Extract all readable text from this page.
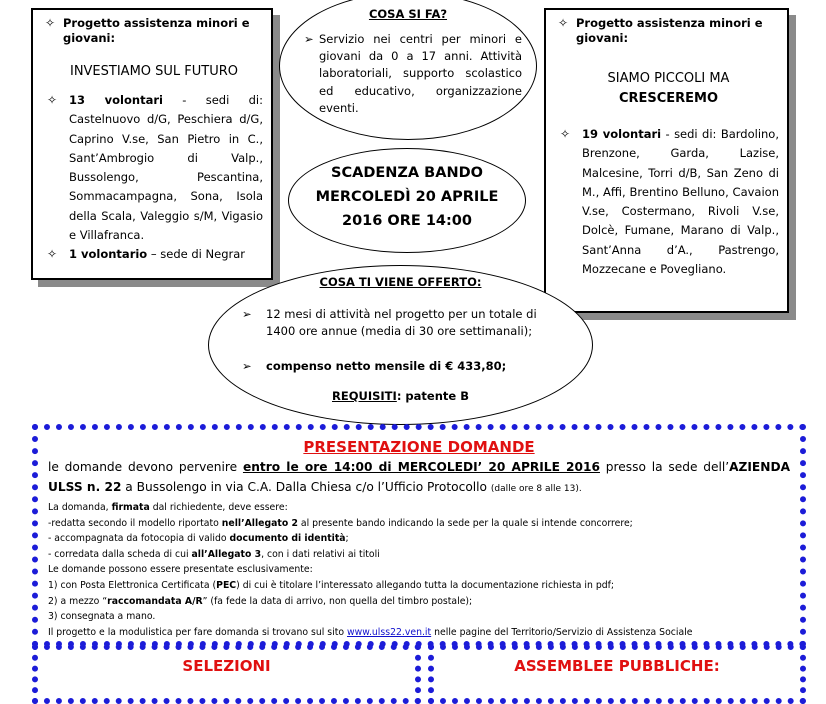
✧ Progetto assistenza minori e giovani:
INVESTIAMO SUL FUTURO
✧ 13 volontari - sedi di: Castelnuovo d/G, Peschiera d/G, Caprino V.se, San Pietro in C., Sant’Ambrogio di Valp., Bussolengo, Pescantina, Sommacampagna, Sona, Isola della Scala, Valeggio s/M, Vigasio e Villafranca.
✧ 1 volontario – sede di Negrar
✧ Progetto assistenza minori e giovani:
SIAMO PICCOLI MA
CRESCEREMO
✧ 19 volontari - sedi di: Bardolino, Brenzone, Garda, Lazise, Malcesine, Torri d/B, San Zeno di M., Affi, Brentino Belluno, Cavaion V.se, Costermano, Rivoli V.se, Dolcè, Fumane, Marano di Valp., Sant’Anna d’A., Pastrengo, Mozzecane e Povegliano.
COSA SI FA?
➢ Servizio nei centri per minori e giovani da 0 a 17 anni. Attività laboratoriali, supporto scolastico ed educativo, organizzazione eventi.
SCADENZA BANDO
MERCOLEDÌ 20 APRILE
2016 ORE 14:00
COSA TI VIENE OFFERTO:
➢ 12 mesi di attività nel progetto per un totale di 1400 ore annue (media di 30 ore settimanali);
➢ compenso netto mensile di € 433,80;
REQUISITI: patente B
PRESENTAZIONE DOMANDE

le domande devono pervenire entro le ore 14:00 di MERCOLEDI’ 20 APRILE 2016 presso la sede dell’AZIENDA ULSS n. 22 a Bussolengo in via C.A. Dalla Chiesa c/o l’Ufficio Protocollo (dalle ore 8 alle 13).

La domanda, firmata dal richiedente, deve essere:
-redatta secondo il modello riportato nell’Allegato 2 al presente bando indicando la sede per la quale si intende concorrere;
- accompagnata da fotocopia di valido documento di identità;
- corredata dalla scheda di cui all’Allegato 3, con i dati relativi ai titoli
Le domande possono essere presentate esclusivamente:
1) con Posta Elettronica Certificata (PEC) di cui è titolare l’interessato allegando tutta la documentazione richiesta in pdf;
2) a mezzo “raccomandata A/R” (fa fede la data di arrivo, non quella del timbro postale);
3) consegnata a mano.
Il progetto e la modulistica per fare domanda si trovano sul sito www.ulss22.ven.it nelle pagine del Territorio/Servizio di Assistenza Sociale
SELEZIONI	ASSEMBLEE PUBBLICHE:
